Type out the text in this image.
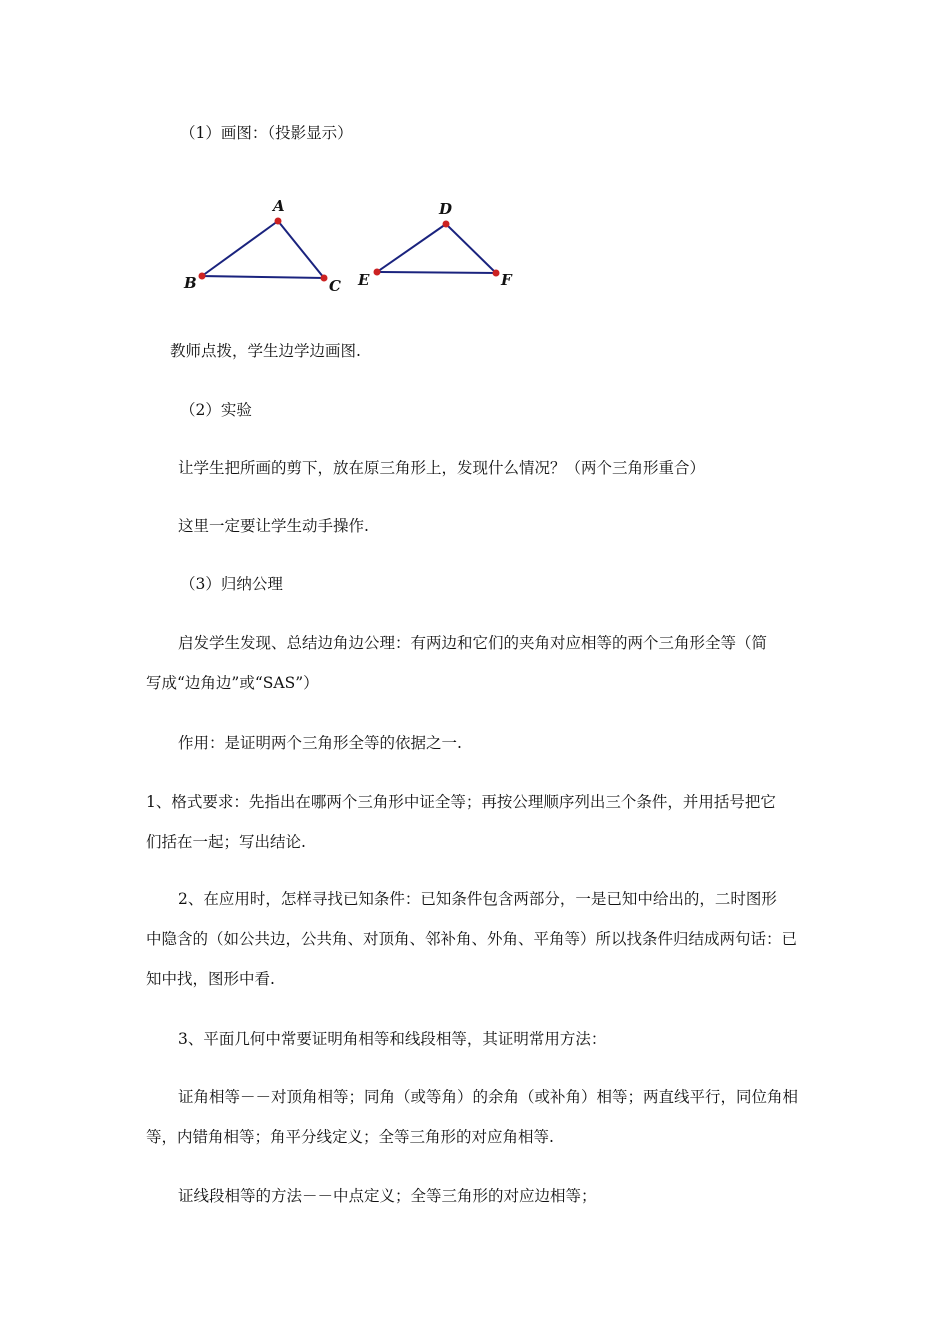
（1）画图：（投影显示）
A
B	C
D
E	F
教师点拨，学生边学边画图.
（2）实验
让学生把所画的剪下，放在原三角形上，发现什么情况？（两个三角形重合）
这里一定要让学生动手操作.
（3）归纳公理
启发学生发现、总结边角边公理：有两边和它们的夹角对应相等的两个三角形全等（简
写成“边角边”或“SAS”）
作用：是证明两个三角形全等的依据之一.
1、格式要求：先指出在哪两个三角形中证全等；再按公理顺序列出三个条件，并用括号把它
们括在一起；写出结论.
2、在应用时，怎样寻找已知条件：已知条件包含两部分，一是已知中给出的，二时图形
中隐含的（如公共边，公共角、对顶角、邻补角、外角、平角等）所以找条件归结成两句话：已
知中找，图形中看.
3、平面几何中常要证明角相等和线段相等，其证明常用方法：
证角相等－－对顶角相等；同角（或等角）的余角（或补角）相等；两直线平行，同位角相
等，内错角相等；角平分线定义；全等三角形的对应角相等.
证线段相等的方法－－中点定义；全等三角形的对应边相等；
